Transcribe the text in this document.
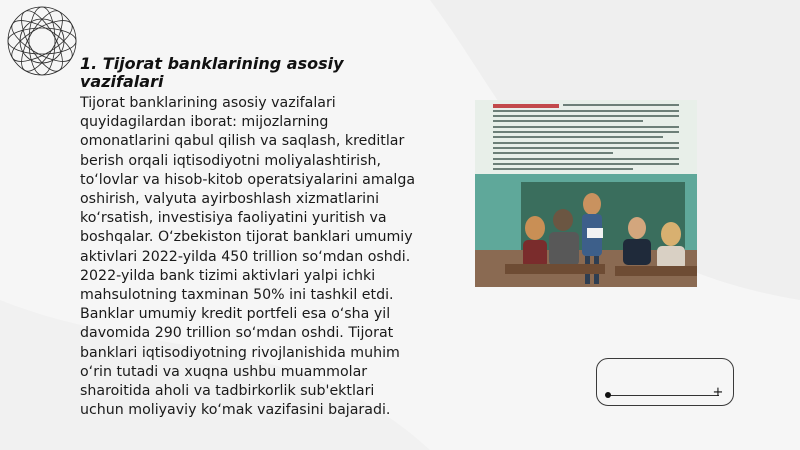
1. Tijorat banklarining asosiy vazifalari

Tijorat banklarining asosiy vazifalari quyidagilardan iborat: mijozlarning omonatlarini qabul qilish va saqlash, kreditlar berish orqali iqtisodiyotni moliyalashtirish, to‘lovlar va hisob-kitob operatsiyalarini amalga oshirish, valyuta ayirboshlash xizmatlarini ko‘rsatish, investisiya faoliyatini yuritish va boshqalar. O‘zbekiston tijorat banklari umumiy aktivlari 2022-yilda 450 trillion so‘mdan oshdi. 2022-yilda bank tizimi aktivlari yalpi ichki mahsulotning taxminan 50% ini tashkil etdi. Banklar umumiy kredit portfeli esa o‘sha yil davomida 290 trillion so‘mdan oshdi. Tijorat banklari iqtisodiyotning rivojlanishida muhim o‘rin tutadi va xuqna ushbu muammolar sharoitida aholi va tadbirkorlik sub'ektlari uchun moliyaviy ko‘mak vazifasini bajaradi.

+
